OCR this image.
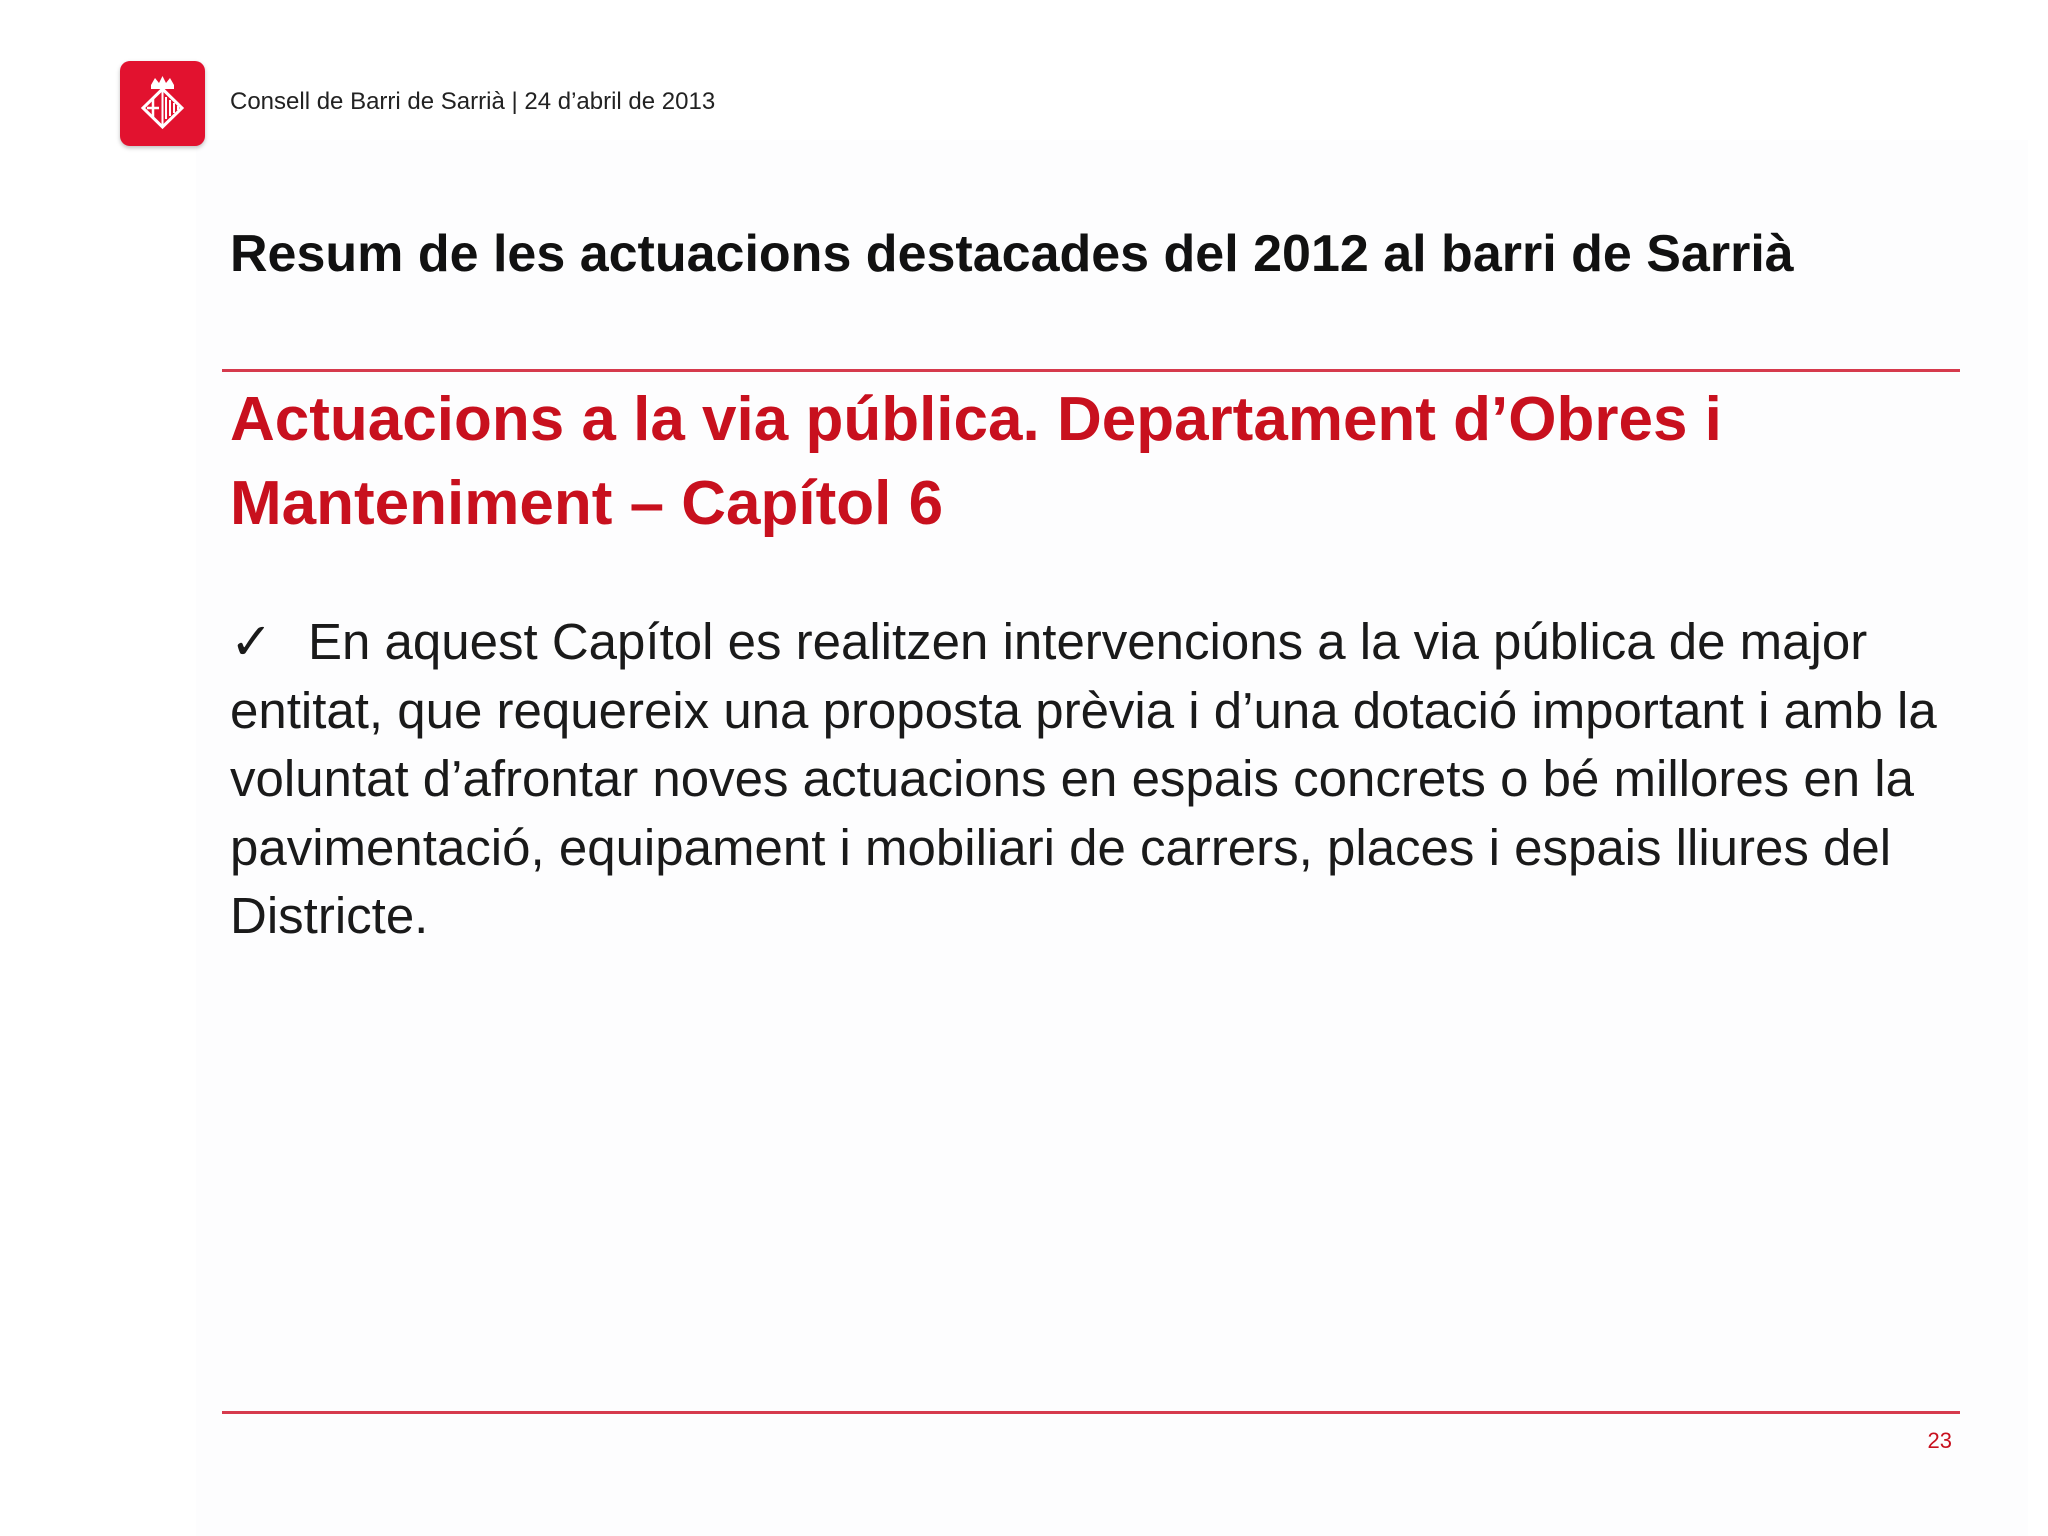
Consell de Barri de Sarrià | 24 d’abril de 2013
Resum de les actuacions destacades del 2012 al barri de Sarrià
Actuacions a la via pública. Departament d’Obres i Manteniment – Capítol 6
✓ En aquest Capítol es realitzen intervencions a la via pública de major entitat, que requereix una proposta prèvia i d’una dotació important i amb la voluntat d’afrontar noves actuacions en espais concrets o bé millores en la pavimentació, equipament i mobiliari de carrers, places i espais lliures del Districte.
23
